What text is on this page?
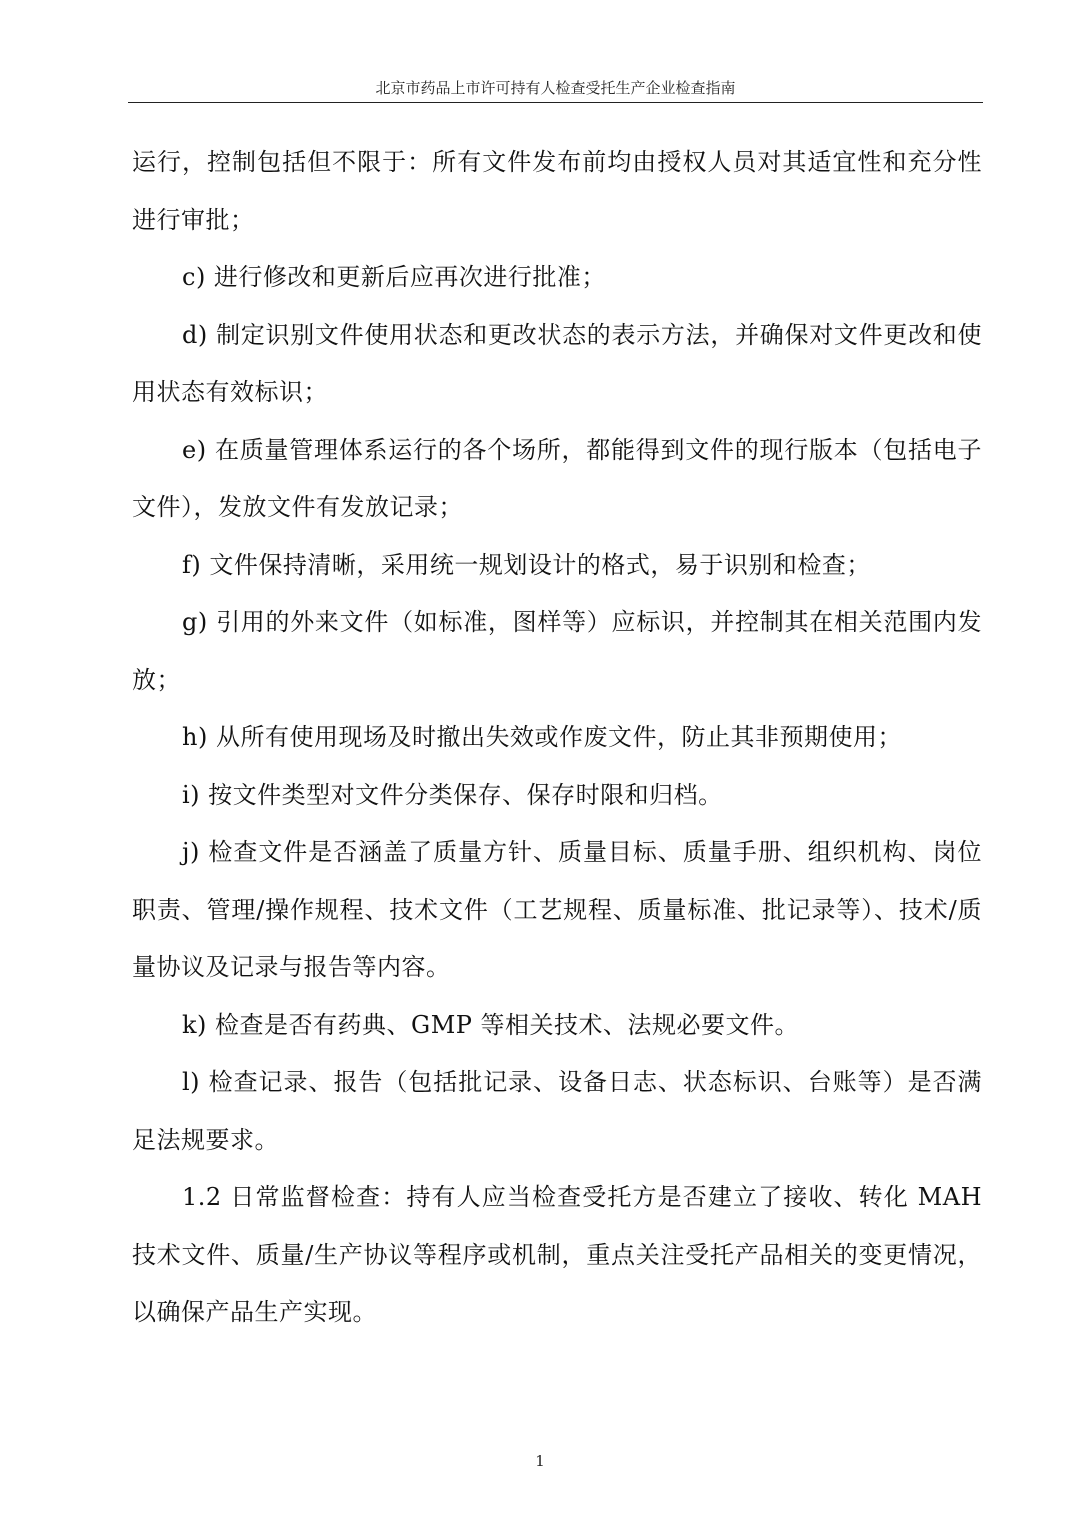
北京市药品上市许可持有人检查受托生产企业检查指南

运行，控制包括但不限于：所有文件发布前均由授权人员对其适宜性和充分性进行审批；

c) 进行修改和更新后应再次进行批准；

d) 制定识别文件使用状态和更改状态的表示方法，并确保对文件更改和使用状态有效标识；

e) 在质量管理体系运行的各个场所，都能得到文件的现行版本（包括电子文件），发放文件有发放记录；

f) 文件保持清晰，采用统一规划设计的格式，易于识别和检查；

g) 引用的外来文件（如标准，图样等）应标识，并控制其在相关范围内发放；

h) 从所有使用现场及时撤出失效或作废文件，防止其非预期使用；

i) 按文件类型对文件分类保存、保存时限和归档。

j) 检查文件是否涵盖了质量方针、质量目标、质量手册、组织机构、岗位职责、管理/操作规程、技术文件（工艺规程、质量标准、批记录等）、技术/质量协议及记录与报告等内容。

k) 检查是否有药典、GMP 等相关技术、法规必要文件。

l) 检查记录、报告（包括批记录、设备日志、状态标识、台账等）是否满足法规要求。

1.2 日常监督检查：持有人应当检查受托方是否建立了接收、转化 MAH 技术文件、质量/生产协议等程序或机制，重点关注受托产品相关的变更情况，以确保产品生产实现。

1
